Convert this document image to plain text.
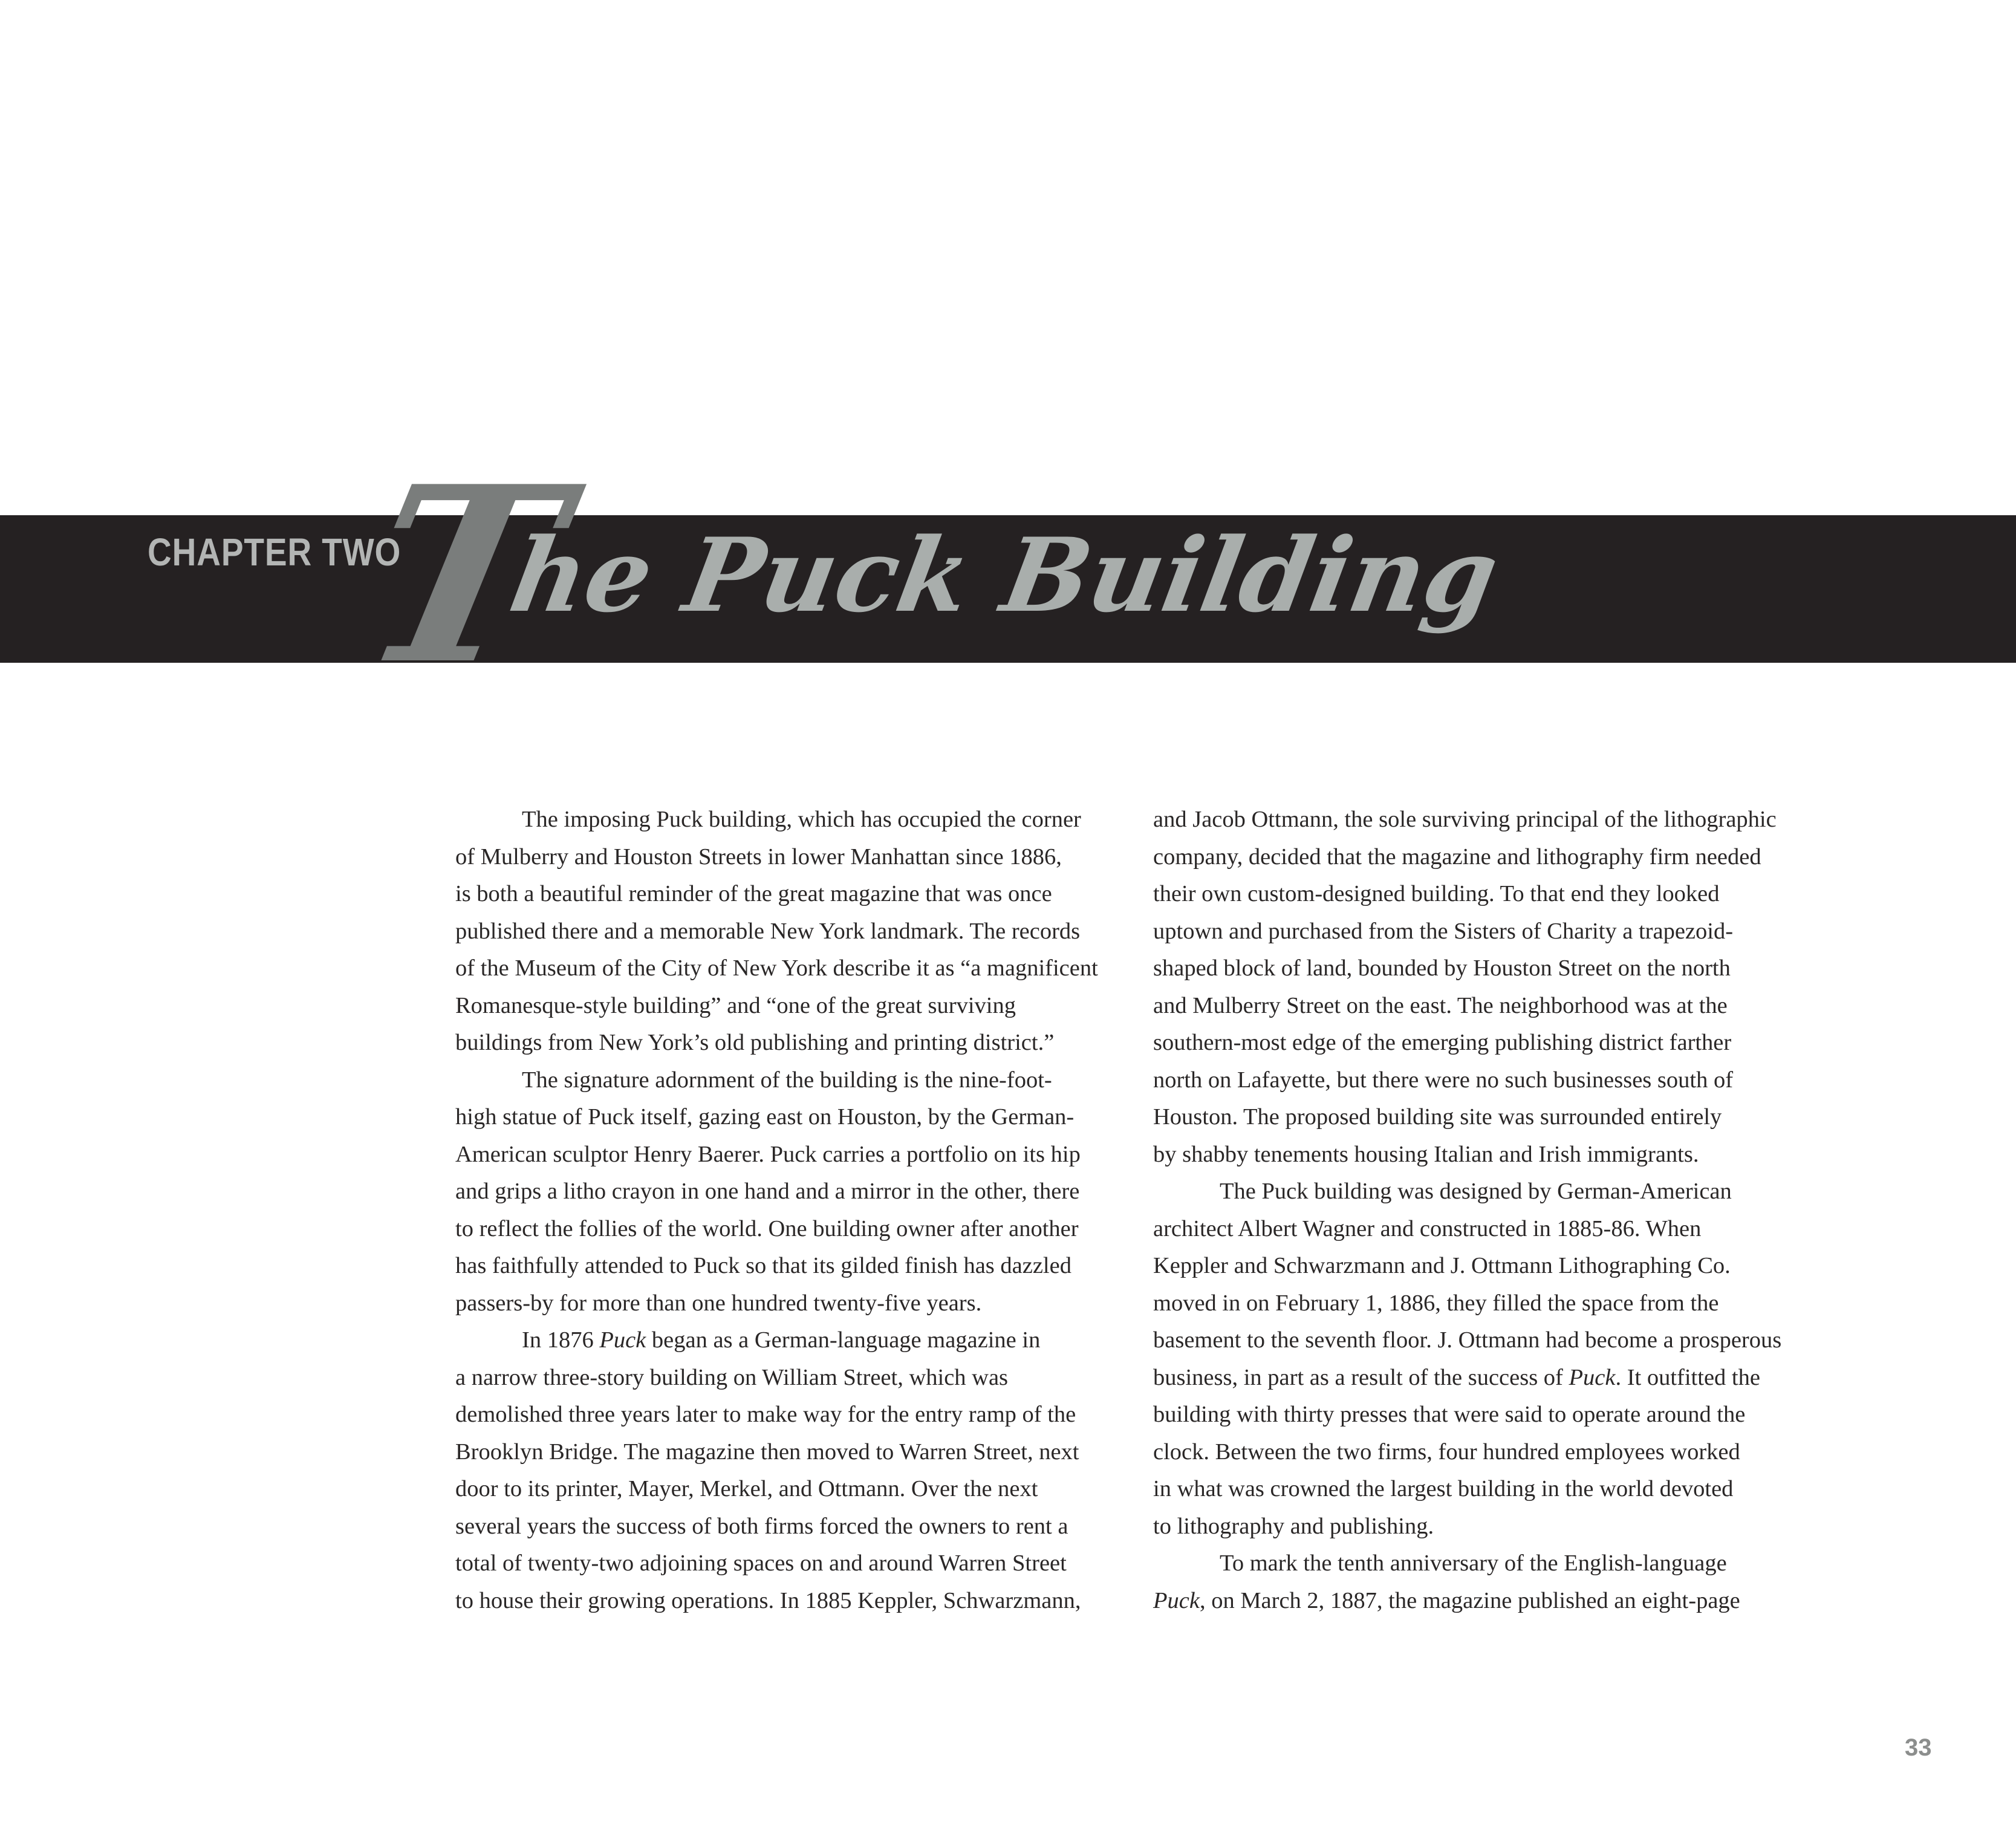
CHAPTER TWO
T
he Puck Building
The imposing Puck building, which has occupied the corner
of Mulberry and Houston Streets in lower Manhattan since 1886,
is both a beautiful reminder of the great magazine that was once
published there and a memorable New York landmark. The records
of the Museum of the City of New York describe it as “a magnificent
Romanesque-style building” and “one of the great surviving
buildings from New York’s old publishing and printing district.”
The signature adornment of the building is the nine-foot-
high statue of Puck itself, gazing east on Houston, by the German-
American sculptor Henry Baerer. Puck carries a portfolio on its hip
and grips a litho crayon in one hand and a mirror in the other, there
to reflect the follies of the world. One building owner after another
has faithfully attended to Puck so that its gilded finish has dazzled
passers-by for more than one hundred twenty-five years.
In 1876 Puck began as a German-language magazine in
a narrow three-story building on William Street, which was
demolished three years later to make way for the entry ramp of the
Brooklyn Bridge. The magazine then moved to Warren Street, next
door to its printer, Mayer, Merkel, and Ottmann. Over the next
several years the success of both firms forced the owners to rent a
total of twenty-two adjoining spaces on and around Warren Street
to house their growing operations. In 1885 Keppler, Schwarzmann,
and Jacob Ottmann, the sole surviving principal of the lithographic
company, decided that the magazine and lithography firm needed
their own custom-designed building. To that end they looked
uptown and purchased from the Sisters of Charity a trapezoid-
shaped block of land, bounded by Houston Street on the north
and Mulberry Street on the east. The neighborhood was at the
southern-most edge of the emerging publishing district farther
north on Lafayette, but there were no such businesses south of
Houston. The proposed building site was surrounded entirely
by shabby tenements housing Italian and Irish immigrants.
The Puck building was designed by German-American
architect Albert Wagner and constructed in 1885-86. When
Keppler and Schwarzmann and J. Ottmann Lithographing Co.
moved in on February 1, 1886, they filled the space from the
basement to the seventh floor. J. Ottmann had become a prosperous
business, in part as a result of the success of Puck. It outfitted the
building with thirty presses that were said to operate around the
clock. Between the two firms, four hundred employees worked
in what was crowned the largest building in the world devoted
to lithography and publishing.
To mark the tenth anniversary of the English-language
Puck, on March 2, 1887, the magazine published an eight-page
33
